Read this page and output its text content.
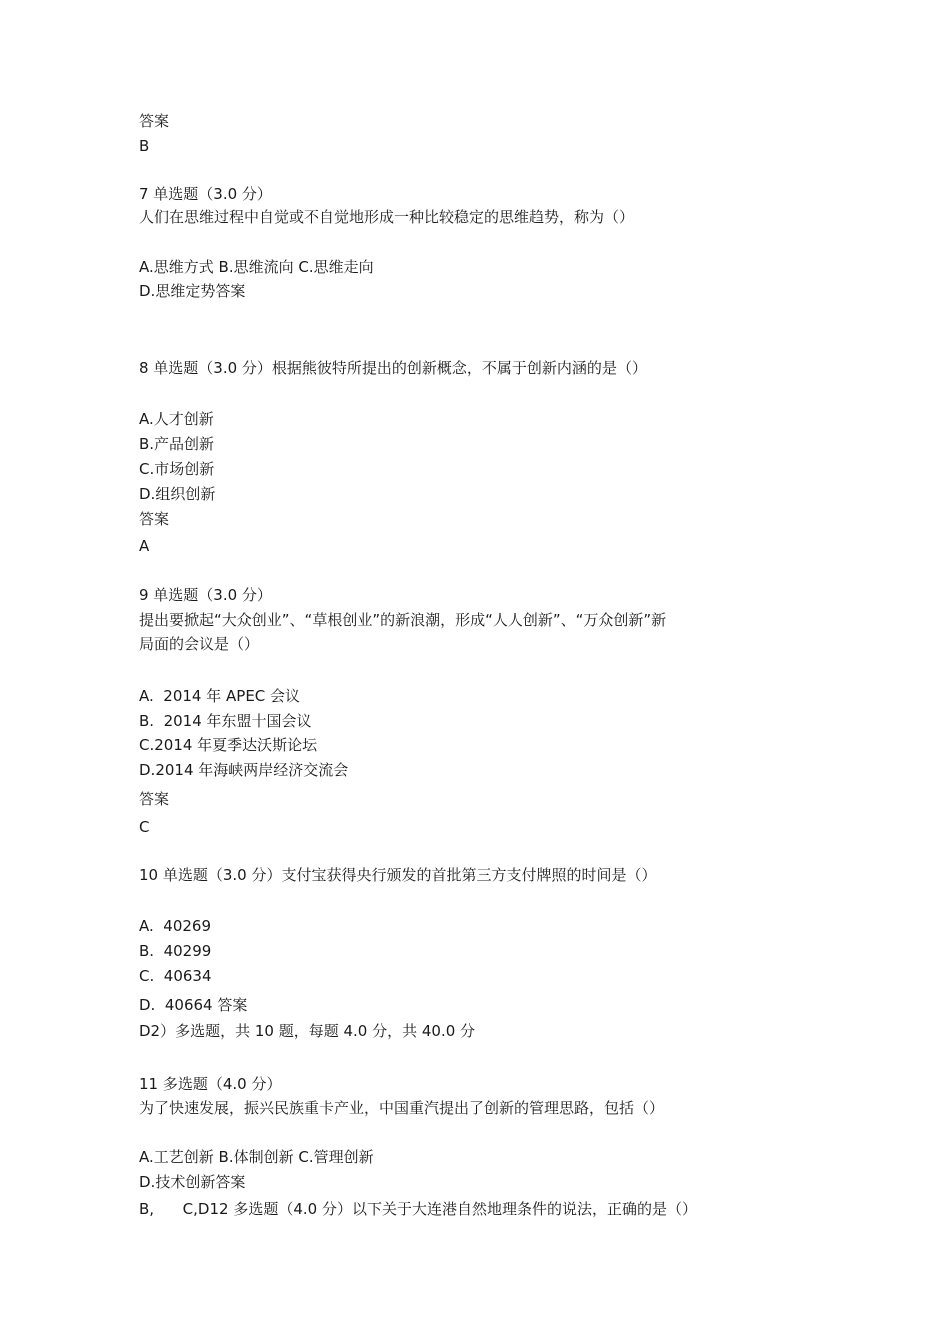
答案
B
7 单选题（3.0 分）
人们在思维过程中自觉或不自觉地形成一种比较稳定的思维趋势，称为（）
A.思维方式 B.思维流向 C.思维走向
D.思维定势答案
8 单选题（3.0 分）根据熊彼特所提出的创新概念，不属于创新内涵的是（）
A.人才创新
B.产品创新
C.市场创新
D.组织创新
答案
A
9 单选题（3.0 分）
提出要掀起“大众创业”、“草根创业”的新浪潮，形成“人人创新”、“万众创新”新
局面的会议是（）
A.  2014 年 APEC 会议
B.  2014 年东盟十国会议
C.2014 年夏季达沃斯论坛
D.2014 年海峡两岸经济交流会
答案
C
10 单选题（3.0 分）支付宝获得央行颁发的首批第三方支付牌照的时间是（）
A.  40269
B.  40299
C.  40634
D.  40664 答案
D2）多选题，共 10 题，每题 4.0 分，共 40.0 分
11 多选题（4.0 分）
为了快速发展，振兴民族重卡产业，中国重汽提出了创新的管理思路，包括（）
A.工艺创新 B.体制创新 C.管理创新
D.技术创新答案
B,      C,D12 多选题（4.0 分）以下关于大连港自然地理条件的说法，正确的是（）
